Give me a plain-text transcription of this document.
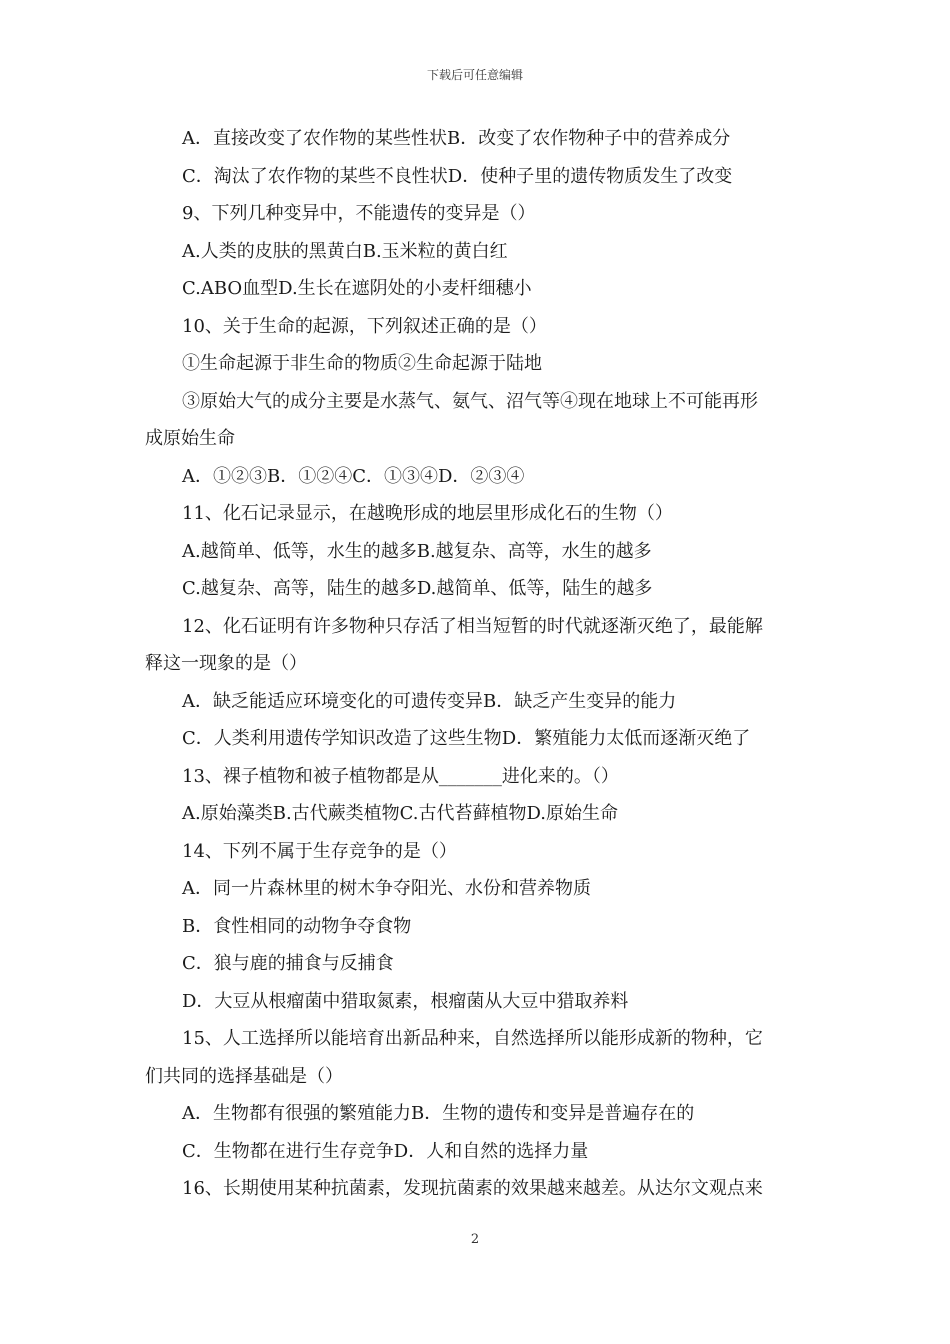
下载后可任意编辑
A．直接改变了农作物的某些性状B．改变了农作物种子中的营养成分
C．淘汰了农作物的某些不良性状D．使种子里的遗传物质发生了改变
9、下列几种变异中，不能遗传的变异是（）
A.人类的皮肤的黑黄白B.玉米粒的黄白红
C.ABO血型D.生长在遮阴处的小麦杆细穗小
10、关于生命的起源，下列叙述正确的是（）
①生命起源于非生命的物质②生命起源于陆地
③原始大气的成分主要是水蒸气、氨气、沼气等④现在地球上不可能再形
成原始生命
A．①②③B．①②④C．①③④D．②③④
11、化石记录显示，在越晚形成的地层里形成化石的生物（）
A.越简单、低等，水生的越多B.越复杂、高等，水生的越多
C.越复杂、高等，陆生的越多D.越简单、低等，陆生的越多
12、化石证明有许多物种只存活了相当短暂的时代就逐渐灭绝了，最能解
释这一现象的是（）
A．缺乏能适应环境变化的可遗传变异B．缺乏产生变异的能力
C．人类利用遗传学知识改造了这些生物D．繁殖能力太低而逐渐灭绝了
13、裸子植物和被子植物都是从_______进化来的。（）
A.原始藻类B.古代蕨类植物C.古代苔藓植物D.原始生命
14、下列不属于生存竞争的是（）
A．同一片森林里的树木争夺阳光、水份和营养物质
B．食性相同的动物争夺食物
C．狼与鹿的捕食与反捕食
D．大豆从根瘤菌中猎取氮素，根瘤菌从大豆中猎取养料
15、人工选择所以能培育出新品种来，自然选择所以能形成新的物种，它
们共同的选择基础是（）
A．生物都有很强的繁殖能力B．生物的遗传和变异是普遍存在的
C．生物都在进行生存竞争D．人和自然的选择力量
16、长期使用某种抗菌素，发现抗菌素的效果越来越差。从达尔文观点来
2
